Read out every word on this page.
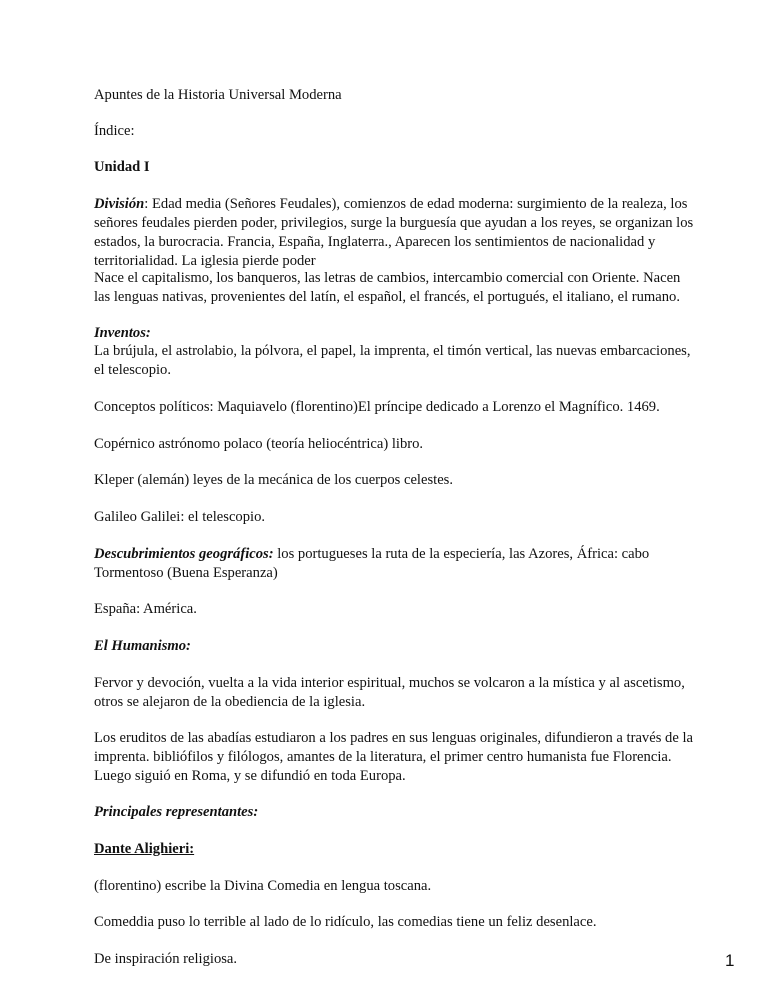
Apuntes de la Historia Universal Moderna

Índice:

Unidad I

División: Edad media (Señores Feudales), comienzos de edad moderna: surgimiento de la realeza, los señores feudales pierden poder, privilegios, surge la burguesía que ayudan a los reyes, se organizan los estados, la burocracia. Francia, España, Inglaterra., Aparecen los sentimientos de nacionalidad y territorialidad. La iglesia pierde poder

Nace el capitalismo, los banqueros, las letras de cambios, intercambio comercial con Oriente. Nacen las lenguas nativas, provenientes del latín, el español, el francés, el portugués, el italiano, el rumano.

Inventos:

La brújula, el astrolabio, la pólvora, el papel, la imprenta, el timón vertical, las nuevas embarcaciones, el telescopio.

Conceptos políticos: Maquiavelo (florentino)El príncipe dedicado a Lorenzo el Magnífico. 1469.

Copérnico astrónomo polaco (teoría heliocéntrica) libro.

Kleper (alemán) leyes de la mecánica de los cuerpos celestes.

Galileo Galilei: el telescopio.

Descubrimientos geográficos: los portugueses la ruta de la especiería, las Azores, África: cabo Tormentoso (Buena Esperanza)

España: América.

El Humanismo:

Fervor y devoción, vuelta a la vida interior espiritual, muchos se volcaron a la mística y al ascetismo, otros se alejaron de la obediencia de la iglesia.

Los eruditos de las abadías estudiaron a los padres en sus lenguas originales, difundieron a través de la imprenta. bibliófilos y filólogos, amantes de la literatura, el primer centro humanista fue Florencia. Luego siguió en Roma, y se difundió en toda Europa.

Principales representantes:

Dante Alighieri:

(florentino) escribe la Divina Comedia en lengua toscana.

Comeddia puso lo terrible al lado de lo ridículo, las comedias tiene un feliz desenlace.

De inspiración religiosa.	1
